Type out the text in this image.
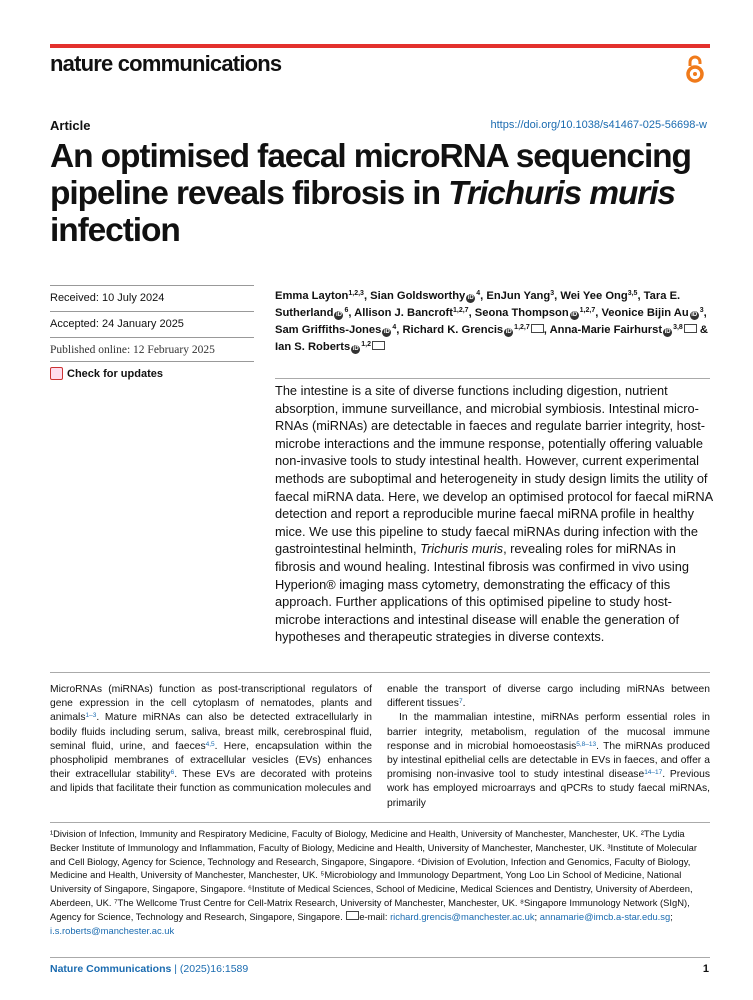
nature communications
Article	https://doi.org/10.1038/s41467-025-56698-w
An optimised faecal microRNA sequencing pipeline reveals fibrosis in Trichuris muris infection
Received: 10 July 2024
Accepted: 24 January 2025
Published online: 12 February 2025
Check for updates
Emma Layton$^{1,2,3}$, Sian Goldsworthy $iD^4$, EnJun Yang$^3$, Wei Yee Ong$^{3,5}$, Tara E. Sutherland $iD^6$, Allison J. Bancroft$^{1,2,7}$, Seona Thompson iD$^{1,2,7}$, Veonice Bijin Au $iD^3$, Sam Griffiths-Jones $iD^4$, Richard K. Grencis iD$^{1,2,7}$ , Anna-Marie Fairhurst iD$^{3,8}$ & Ian S. Roberts iD$^{1,2}$
The intestine is a site of diverse functions including digestion, nutrient absorption, immune surveillance, and microbial symbiosis. Intestinal micro-RNAs (miRNAs) are detectable in faeces and regulate barrier integrity, host-microbe interactions and the immune response, potentially offering valuable non-invasive tools to study intestinal health. However, current experimental methods are suboptimal and heterogeneity in study design limits the utility of faecal miRNA data. Here, we develop an optimised protocol for faecal miRNA detection and report a reproducible murine faecal miRNA profile in healthy mice. We use this pipeline to study faecal miRNAs during infection with the gastrointestinal helminth, Trichuris muris, revealing roles for miRNAs in fibrosis and wound healing. Intestinal fibrosis was confirmed in vivo using Hyperion® imaging mass cytometry, demonstrating the efficacy of this approach. Further applications of this optimised pipeline to study host-microbe interactions and intestinal disease will enable the generation of hypotheses and therapeutic strategies in diverse contexts.
MicroRNAs (miRNAs) function as post-transcriptional regulators of gene expression in the cell cytoplasm of nematodes, plants and animals$^{1-3}$. Mature miRNAs can also be detected extracellularly in bodily fluids including serum, saliva, breast milk, cerebrospinal fluid, seminal fluid, urine, and faeces$^{4,5}$. Here, encapsulation within the phospholipid membranes of extracellular vesicles (EVs) enhances their extracellular stability$^6$. These EVs are decorated with proteins and lipids that facilitate their function as communication molecules and
enable the transport of diverse cargo including miRNAs between different tissues$^7$.
In the mammalian intestine, miRNAs perform essential roles in barrier integrity, metabolism, regulation of the mucosal immune response and in microbial homoeostasis$^{5,8-13}$. The miRNAs produced by intestinal epithelial cells are detectable in EVs in faeces, and offer a promising non-invasive tool to study intestinal disease$^{14-17}$. Previous work has employed microarrays and qPCRs to study faecal miRNAs, primarily
¹Division of Infection, Immunity and Respiratory Medicine, Faculty of Biology, Medicine and Health, University of Manchester, Manchester, UK. ²The Lydia Becker Institute of Immunology and Inflammation, Faculty of Biology, Medicine and Health, University of Manchester, Manchester, UK. ³Institute of Molecular and Cell Biology, Agency for Science, Technology and Research, Singapore, Singapore. ⁴Division of Evolution, Infection and Genomics, Faculty of Biology, Medicine and Health, University of Manchester, Manchester, UK. ⁵Microbiology and Immunology Department, Yong Loo Lin School of Medicine, National University of Singapore, Singapore, Singapore. ⁶Institute of Medical Sciences, School of Medicine, Medical Sciences and Dentistry, University of Aberdeen, Aberdeen, UK. ⁷The Wellcome Trust Centre for Cell-Matrix Research, University of Manchester, Manchester, UK. ⁸Singapore Immunology Network (SIgN), Agency for Science, Technology and Research, Singapore, Singapore. e-mail: richard.grencis@manchester.ac.uk; annamarie@imcb.a-star.edu.sg;
i.s.roberts@manchester.ac.uk
Nature Communications | (2025)16:1589	1
